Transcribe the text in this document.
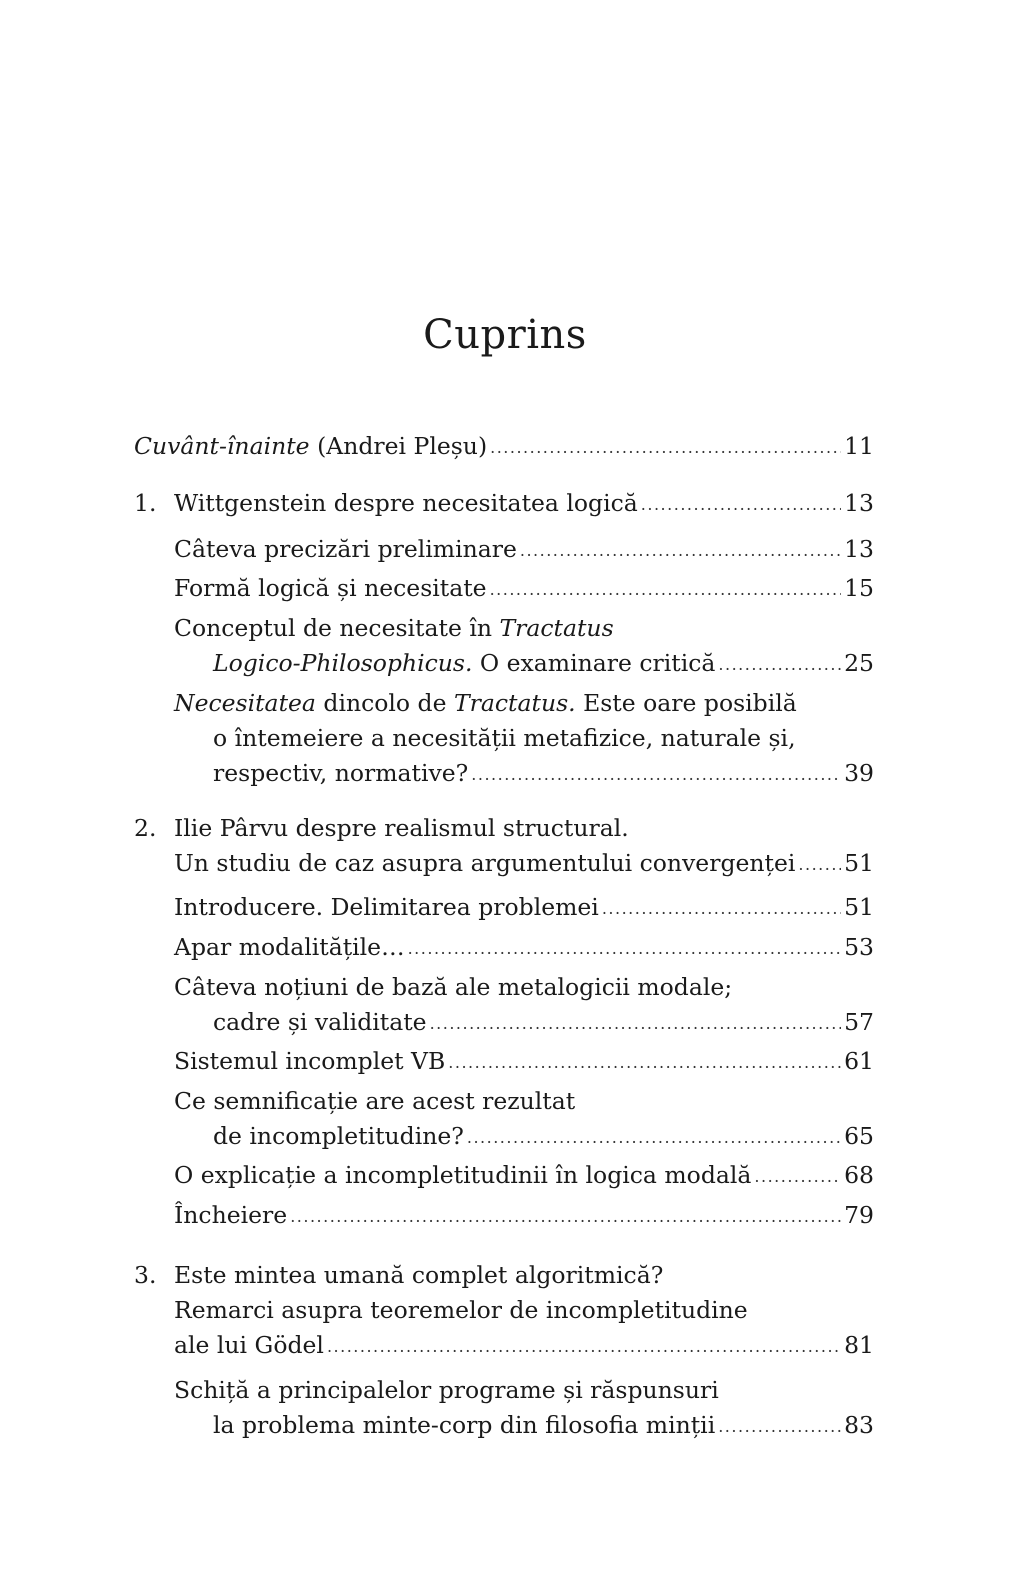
Cuprins
Cuvânt-înainte (Andrei Pleșu) .....	11
1. Wittgenstein despre necesitatea logică .....	13
Câteva precizări preliminare .....	13
Formă logică și necesitate .....	15
Conceptul de necesitate în Tractatus
Logico-Philosophicus. O examinare critică .....	25
Necesitatea dincolo de Tractatus. Este oare posibilă
o întemeiere a necesității metafizice, naturale și,
respectiv, normative? .....	39
2. Ilie Pârvu despre realismul structural.
Un studiu de caz asupra argumentului convergenței ..... 51
Introducere. Delimitarea problemei .....	51
Apar modalitățile… .....	53
Câteva noțiuni de bază ale metalogicii modale;
cadre și validitate .....	57
Sistemul incomplet VB .....	61
Ce semnificație are acest rezultat
de incompletitudine? .....	65
O explicație a incompletitudinii în logica modală .....	68
Încheiere .....	79
3. Este mintea umană complet algoritmică?
Remarci asupra teoremelor de incompletitudine
ale lui Gödel .....	81
Schiță a principalelor programe și răspunsuri
la problema minte-corp din filosofia minții .....	83
